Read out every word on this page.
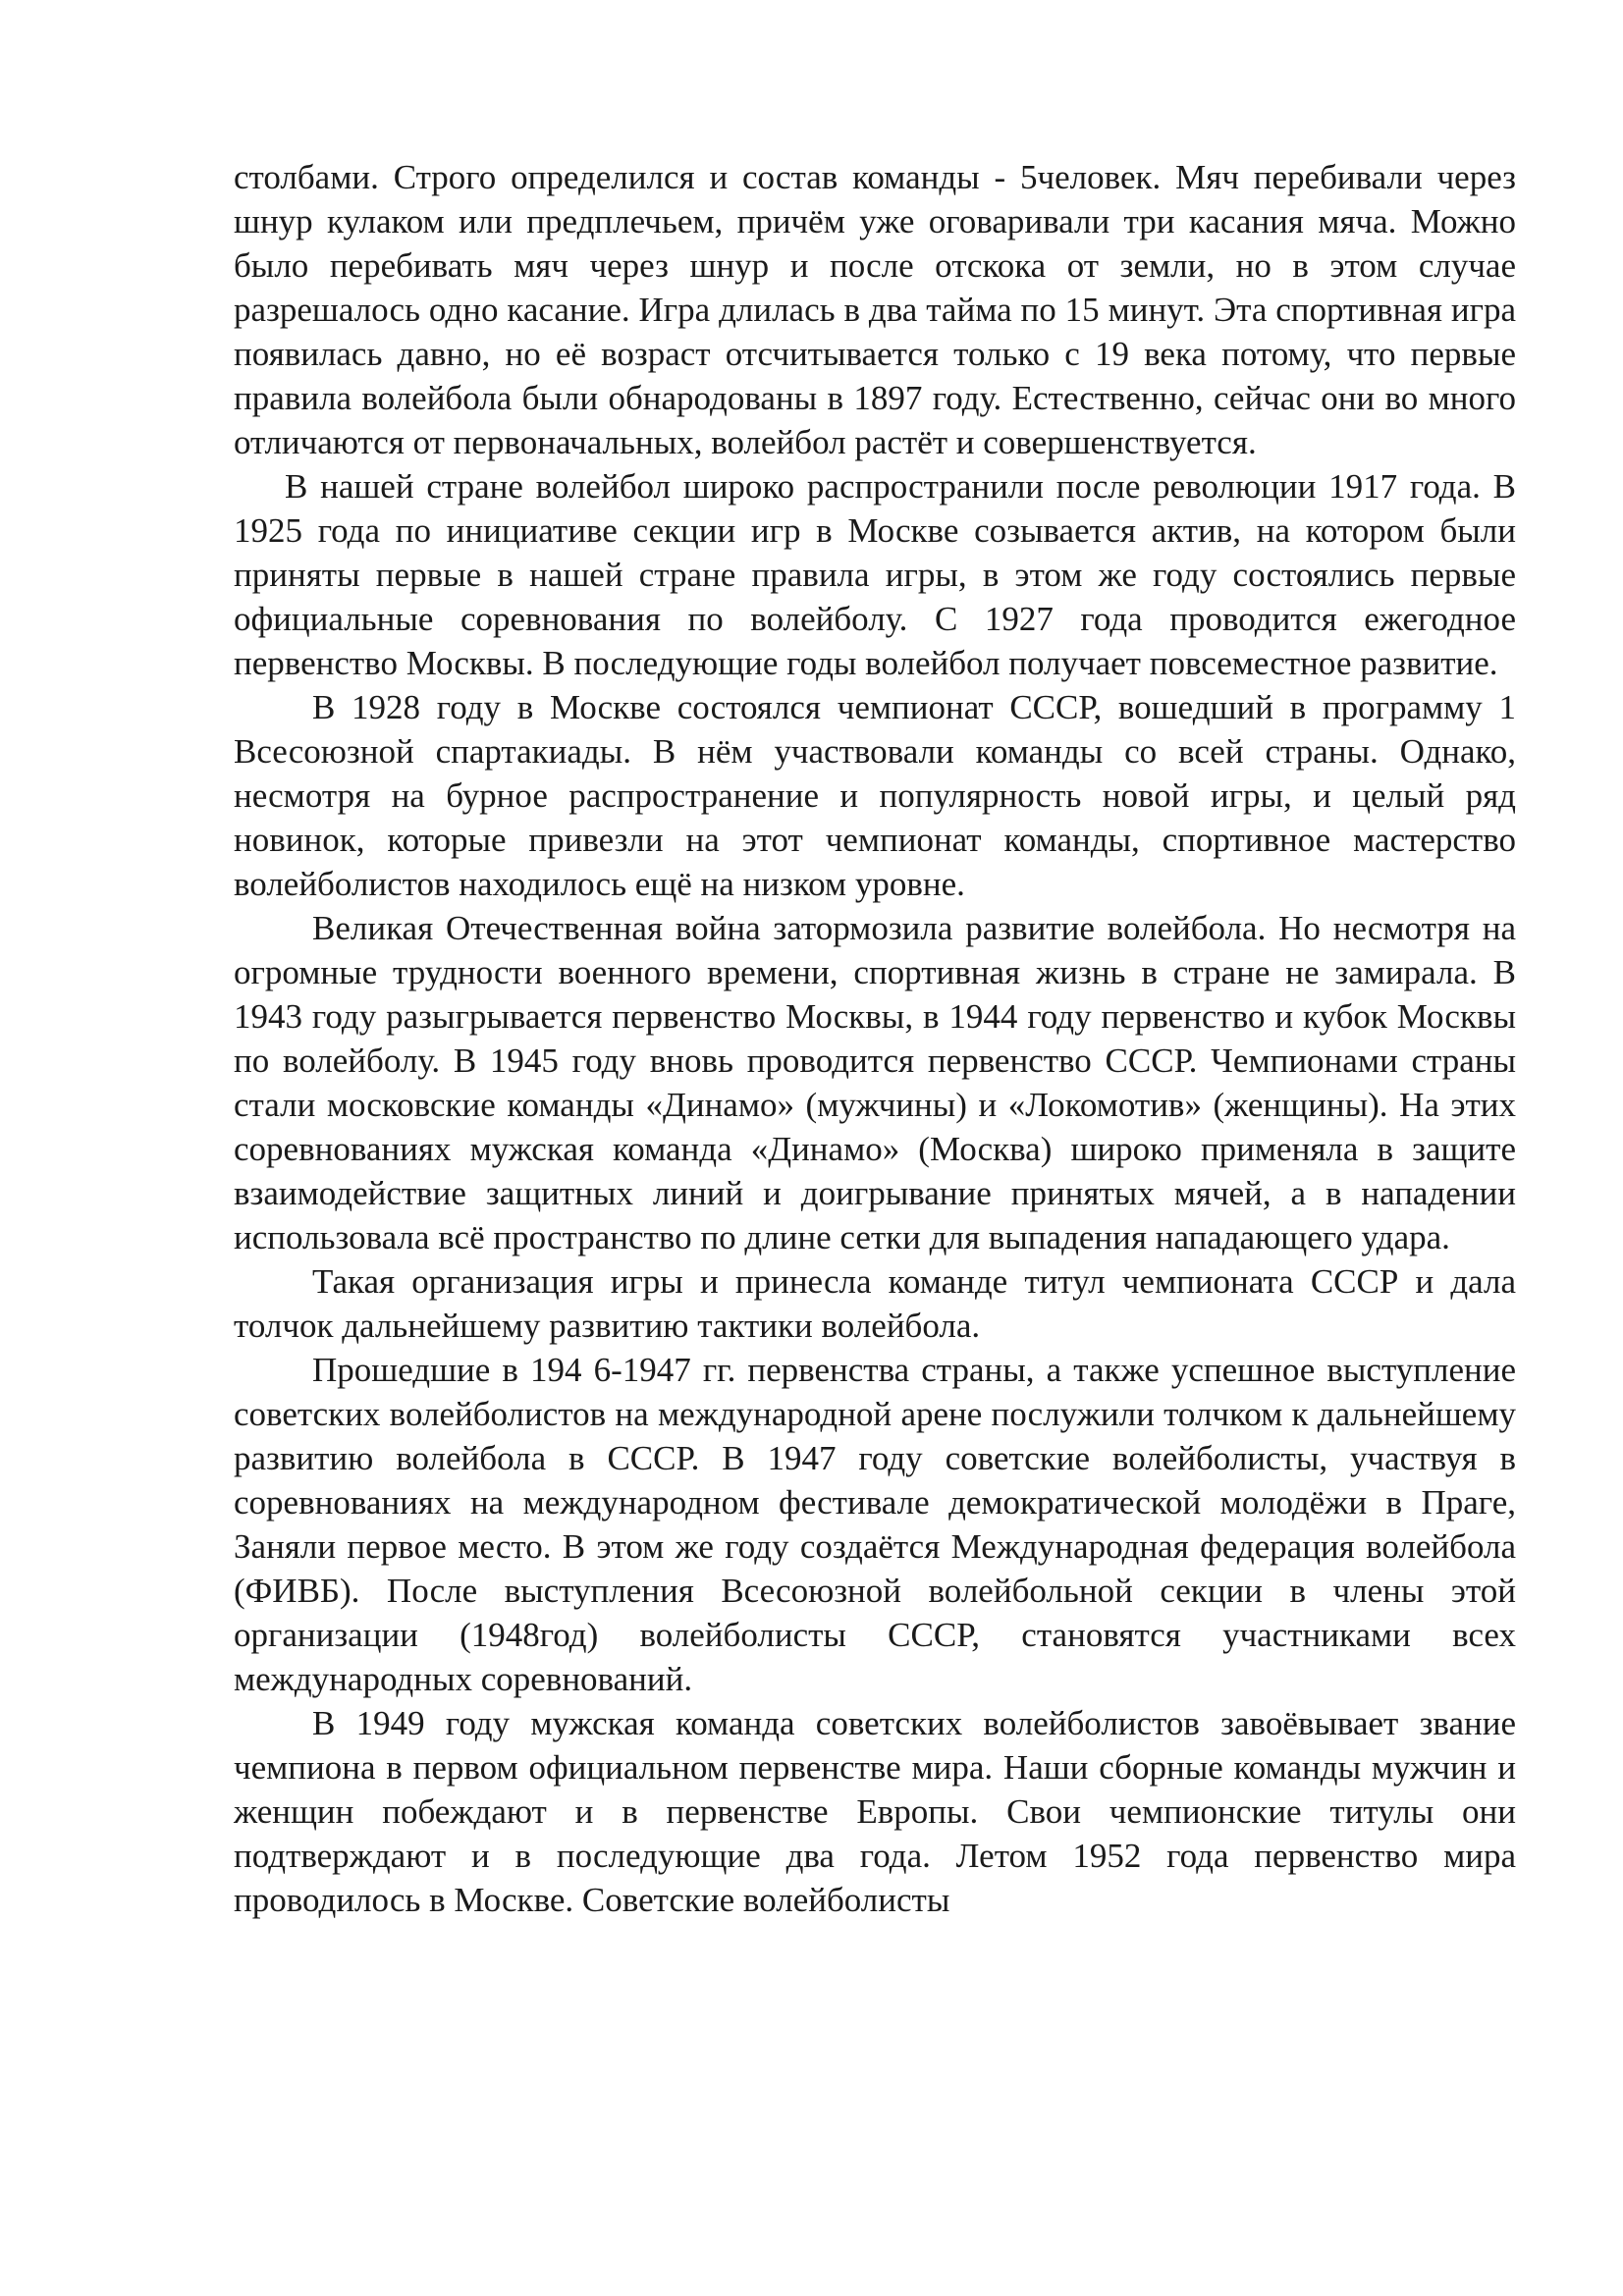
столбами. Строго определился и состав команды - 5человек. Мяч перебивали через шнур кулаком или предплечьем, причём уже оговаривали три касания мяча. Можно было перебивать мяч через шнур и после отскока от земли, но в этом случае разрешалось одно касание. Игра длилась в два тайма по 15 минут. Эта спортивная игра появилась давно, но её возраст отсчитывается только с 19 века потому, что первые правила волейбола были обнародованы в 1897 году. Естественно, сейчас они во много отличаются от первоначальных, волейбол растёт и совершенствуется.

В нашей стране волейбол широко распространили после революции 1917 года. В 1925 года по инициативе секции игр в Москве созывается актив, на котором были приняты первые в нашей стране правила игры, в этом же году состоялись первые официальные соревнования по волейболу. С 1927 года проводится ежегодное первенство Москвы. В последующие годы волейбол получает повсеместное развитие.

В 1928 году в Москве состоялся чемпионат СССР, вошедший в программу 1 Всесоюзной спартакиады. В нём участвовали команды со всей страны. Однако, несмотря на бурное распространение и популярность новой игры, и целый ряд новинок, которые привезли на этот чемпионат команды, спортивное мастерство волейболистов находилось ещё на низком уровне.

Великая Отечественная война затормозила развитие волейбола. Но несмотря на огромные трудности военного времени, спортивная жизнь в стране не замирала. В 1943 году разыгрывается первенство Москвы, в 1944 году первенство и кубок Москвы по волейболу. В 1945 году вновь проводится первенство СССР. Чемпионами страны стали московские команды «Динамо» (мужчины) и «Локомотив» (женщины). На этих соревнованиях мужская команда «Динамо» (Москва) широко применяла в защите взаимодействие защитных линий и доигрывание принятых мячей, а в нападении использовала всё пространство по длине сетки для выпадения нападающего удара.

Такая организация игры и принесла команде титул чемпионата СССР и дала толчок дальнейшему развитию тактики волейбола.

Прошедшие в 194 6-1947 гг. первенства страны, а также успешное выступление советских волейболистов на международной арене послужили толчком к дальнейшему развитию волейбола в СССР. В 1947 году советские волейболисты, участвуя в соревнованиях на международном фестивале демократической молодёжи в Праге, Заняли первое место. В этом же году создаётся Международная федерация волейбола (ФИВБ). После выступления Всесоюзной волейбольной секции в члены этой организации (1948год) волейболисты СССР, становятся участниками всех международных соревнований.

В 1949 году мужская команда советских волейболистов завоёвывает звание чемпиона в первом официальном первенстве мира. Наши сборные команды мужчин и женщин побеждают и в первенстве Европы. Свои чемпионские титулы они подтверждают и в последующие два года. Летом 1952 года первенство мира проводилось в Москве. Советские волейболисты
